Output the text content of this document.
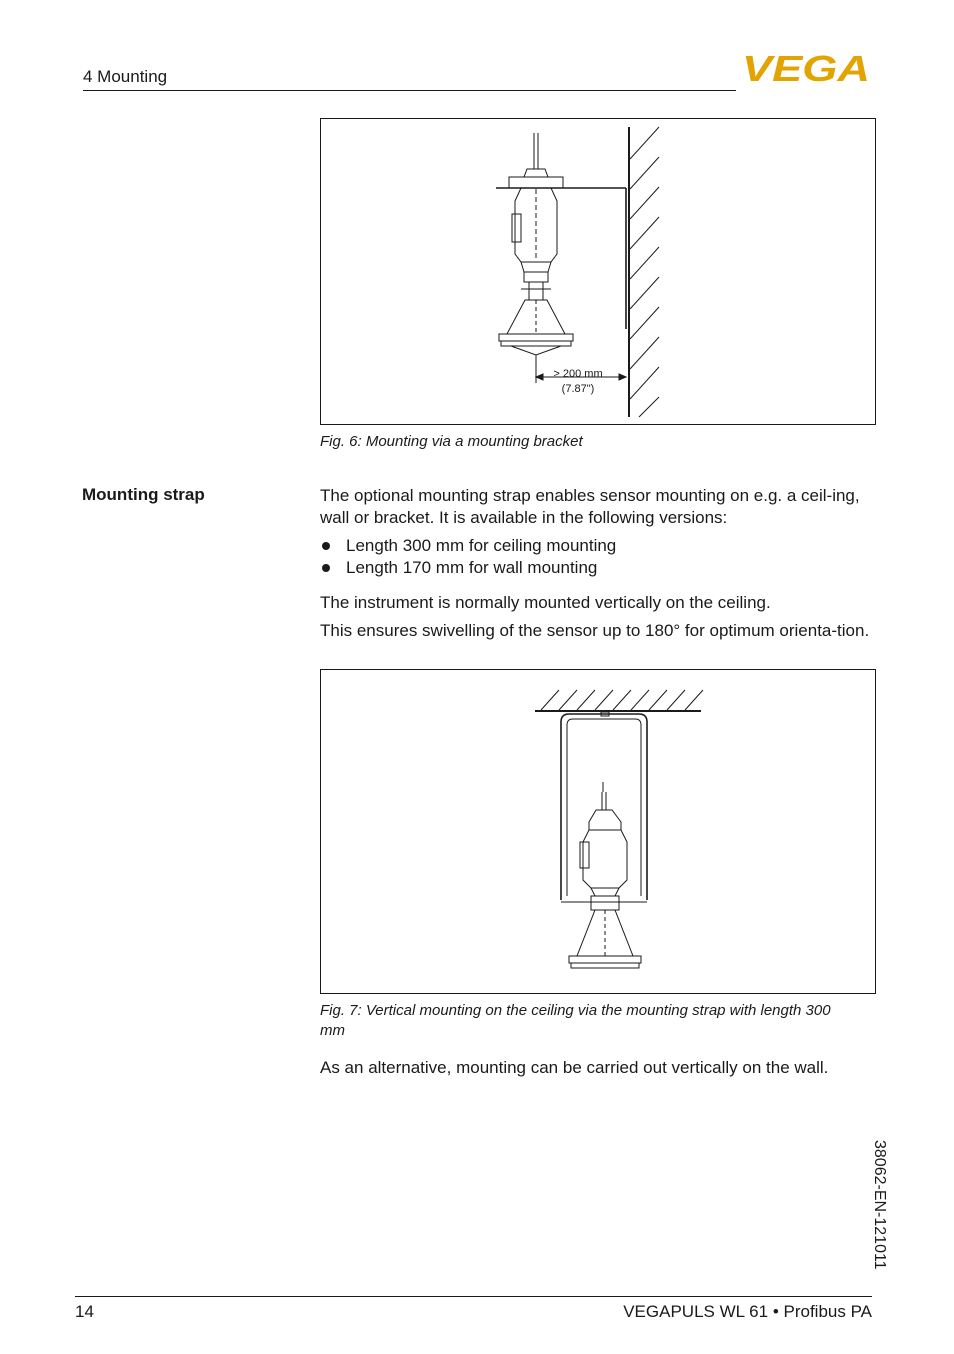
4 Mounting	VEGA
> 200 mm
(7.87")
Fig. 6: Mounting via a mounting bracket
Mounting strap	The optional mounting strap enables sensor mounting on e.g. a ceil-ing, wall or bracket. It is available in the following versions:
Length 300 mm for ceiling mounting
Length 170 mm for wall mounting
The instrument is normally mounted vertically on the ceiling.
This ensures swivelling of the sensor up to 180° for optimum orienta-tion.
Fig. 7: Vertical mounting on the ceiling via the mounting strap with length 300 mm
As an alternative, mounting can be carried out vertically on the wall.
38062-EN-121011
14	VEGAPULS WL 61 • Profibus PA
